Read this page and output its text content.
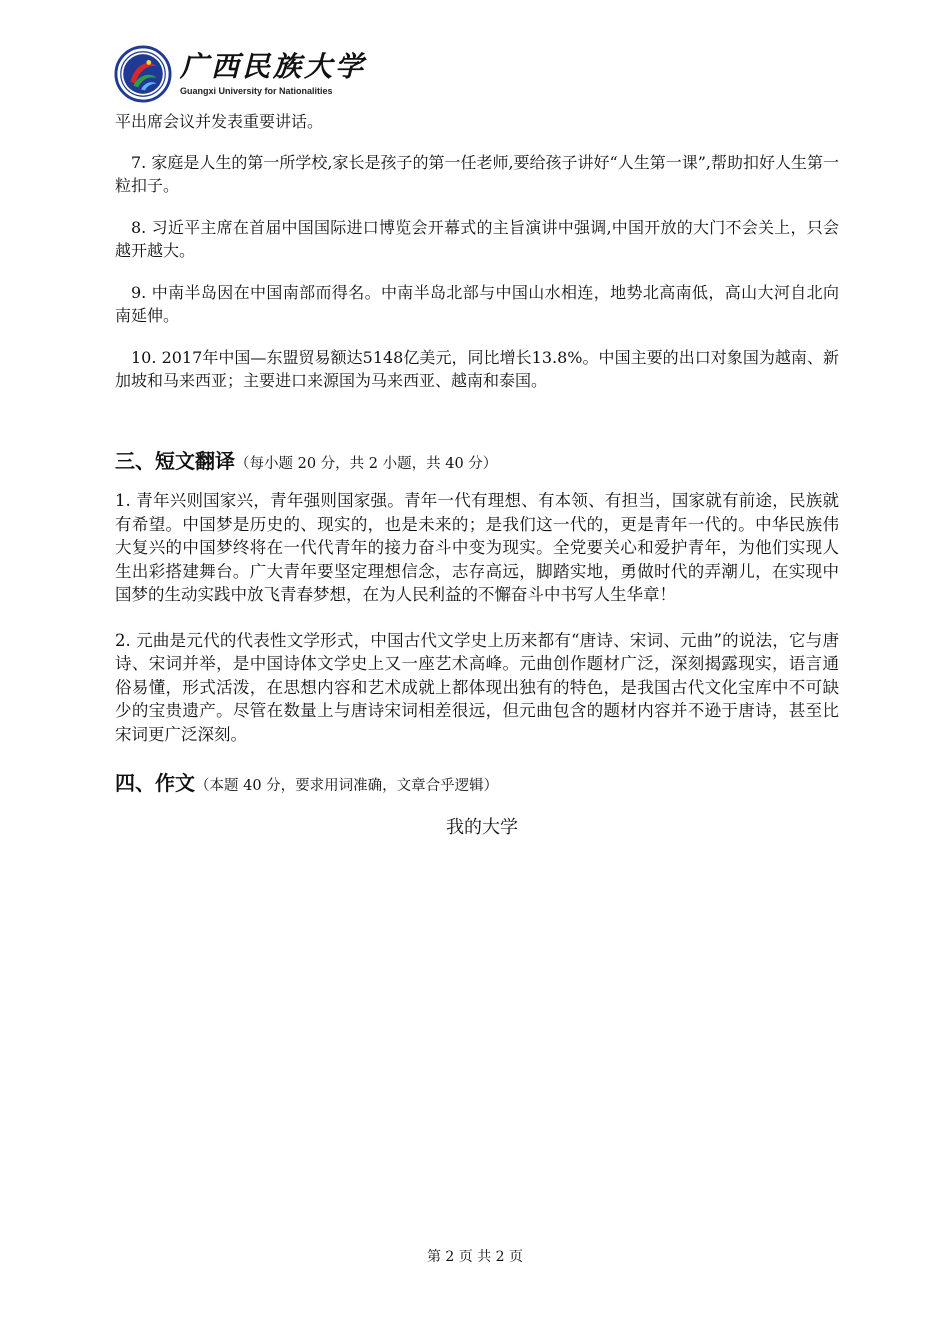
广西民族大学
Guangxi University for Nationalities

平出席会议并发表重要讲话。

7. 家庭是人生的第一所学校,家长是孩子的第一任老师,要给孩子讲好“人生第一课”,帮助扣好人生第一粒扣子。

8. 习近平主席在首届中国国际进口博览会开幕式的主旨演讲中强调,中国开放的大门不会关上，只会越开越大。

9. 中南半岛因在中国南部而得名。中南半岛北部与中国山水相连，地势北高南低，高山大河自北向南延伸。

10. 2017年中国—东盟贸易额达5148亿美元，同比增长13.8%。中国主要的出口对象国为越南、新加坡和马来西亚；主要进口来源国为马来西亚、越南和泰国。

三、短文翻译（每小题 20 分，共 2 小题，共 40 分）

1. 青年兴则国家兴，青年强则国家强。青年一代有理想、有本领、有担当，国家就有前途，民族就有希望。中国梦是历史的、现实的，也是未来的；是我们这一代的，更是青年一代的。中华民族伟大复兴的中国梦终将在一代代青年的接力奋斗中变为现实。全党要关心和爱护青年，为他们实现人生出彩搭建舞台。广大青年要坚定理想信念，志存高远，脚踏实地，勇做时代的弄潮儿，在实现中国梦的生动实践中放飞青春梦想，在为人民利益的不懈奋斗中书写人生华章！

2. 元曲是元代的代表性文学形式，中国古代文学史上历来都有“唐诗、宋词、元曲”的说法，它与唐诗、宋词并举，是中国诗体文学史上又一座艺术高峰。元曲创作题材广泛，深刻揭露现实，语言通俗易懂，形式活泼，在思想内容和艺术成就上都体现出独有的特色，是我国古代文化宝库中不可缺少的宝贵遗产。尽管在数量上与唐诗宋词相差很远，但元曲包含的题材内容并不逊于唐诗，甚至比宋词更广泛深刻。

四、作文（本题 40 分，要求用词准确，文章合乎逻辑）

我的大学

第 2 页 共 2 页
